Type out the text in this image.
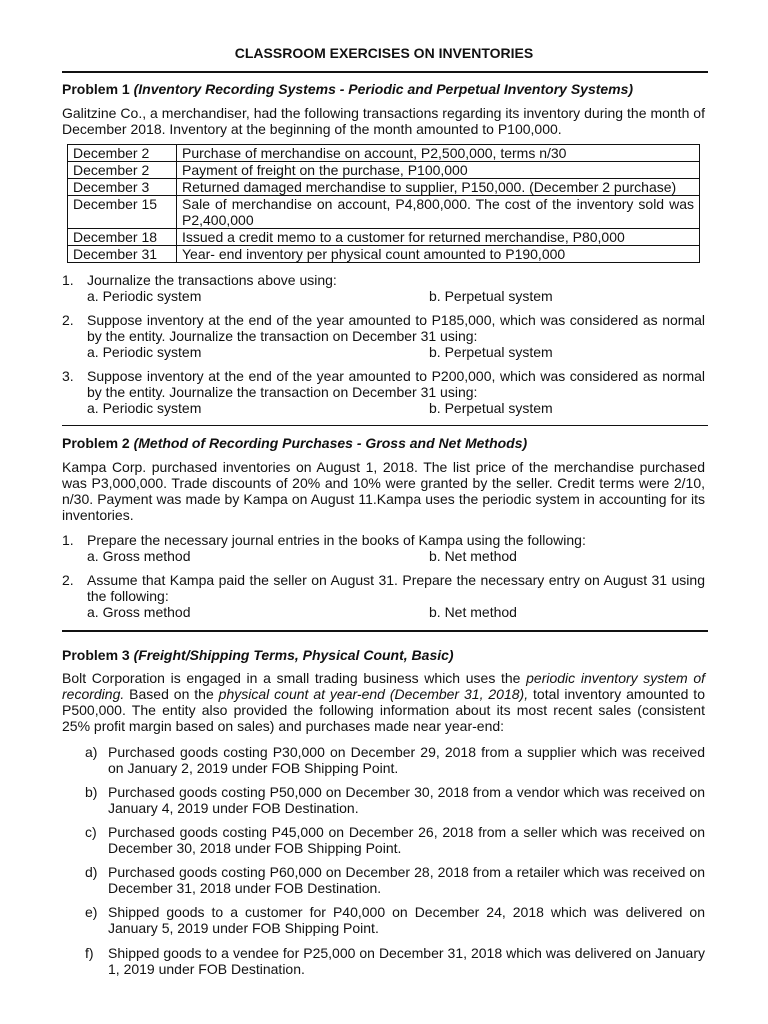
CLASSROOM EXERCISES ON INVENTORIES
Problem 1 (Inventory Recording Systems - Periodic and Perpetual Inventory Systems)
Galitzine Co., a merchandiser, had the following transactions regarding its inventory during the month of December 2018. Inventory at the beginning of the month amounted to P100,000.
December 2	Purchase of merchandise on account, P2,500,000, terms n/30
December 2	Payment of freight on the purchase, P100,000
December 3	Returned damaged merchandise to supplier, P150,000. (December 2 purchase)
December 15	Sale of merchandise on account, P4,800,000. The cost of the inventory sold was P2,400,000
December 18	Issued a credit memo to a customer for returned merchandise, P80,000
December 31	Year- end inventory per physical count amounted to P190,000
1. Journalize the transactions above using:
a. Periodic system	b. Perpetual system
2. Suppose inventory at the end of the year amounted to P185,000, which was considered as normal by the entity. Journalize the transaction on December 31 using:
a. Periodic system	b. Perpetual system
3. Suppose inventory at the end of the year amounted to P200,000, which was considered as normal by the entity. Journalize the transaction on December 31 using:
a. Periodic system	b. Perpetual system
Problem 2 (Method of Recording Purchases - Gross and Net Methods)
Kampa Corp. purchased inventories on August 1, 2018. The list price of the merchandise purchased was P3,000,000. Trade discounts of 20% and 10% were granted by the seller. Credit terms were 2/10, n/30. Payment was made by Kampa on August 11.Kampa uses the periodic system in accounting for its inventories.
1. Prepare the necessary journal entries in the books of Kampa using the following:
a. Gross method	b. Net method
2. Assume that Kampa paid the seller on August 31. Prepare the necessary entry on August 31 using the following:
a. Gross method	b. Net method
Problem 3 (Freight/Shipping Terms, Physical Count, Basic)
Bolt Corporation is engaged in a small trading business which uses the periodic inventory system of recording. Based on the physical count at year-end (December 31, 2018), total inventory amounted to P500,000. The entity also provided the following information about its most recent sales (consistent 25% profit margin based on sales) and purchases made near year-end:
a) Purchased goods costing P30,000 on December 29, 2018 from a supplier which was received on January 2, 2019 under FOB Shipping Point.
b) Purchased goods costing P50,000 on December 30, 2018 from a vendor which was received on January 4, 2019 under FOB Destination.
c) Purchased goods costing P45,000 on December 26, 2018 from a seller which was received on December 30, 2018 under FOB Shipping Point.
d) Purchased goods costing P60,000 on December 28, 2018 from a retailer which was received on December 31, 2018 under FOB Destination.
e) Shipped goods to a customer for P40,000 on December 24, 2018 which was delivered on January 5, 2019 under FOB Shipping Point.
f) Shipped goods to a vendee for P25,000 on December 31, 2018 which was delivered on January 1, 2019 under FOB Destination.
